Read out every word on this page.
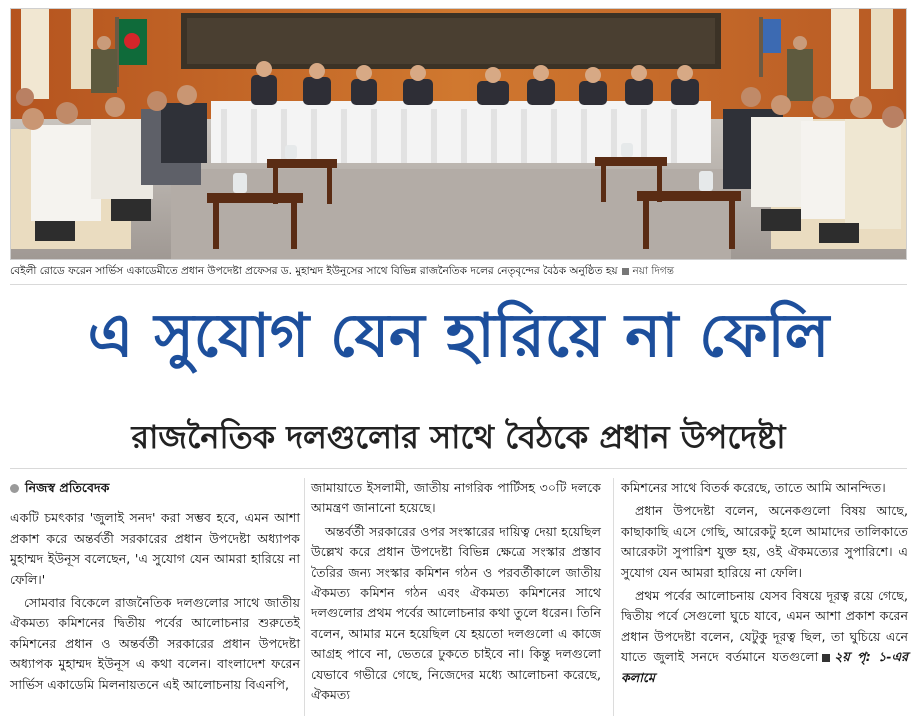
বেইলী রোডে ফরেন সার্ভিস একাডেমীতে প্রধান উপদেষ্টা প্রফেসর ড. মুহাম্মদ ইউনুসের সাথে বিভিন্ন রাজনৈতিক দলের নেতৃবৃন্দের বৈঠক অনুষ্ঠিত হয় নয়া দিগন্ত
এ সুযোগ যেন হারিয়ে না ফেলি
রাজনৈতিক দলগুলোর সাথে বৈঠকে প্রধান উপদেষ্টা
নিজস্ব প্রতিবেদক

একটি চমৎকার 'জুলাই সনদ' করা সম্ভব হবে, এমন আশা প্রকাশ করে অন্তর্বর্তী সরকারের প্রধান উপদেষ্টা অধ্যাপক মুহাম্মদ ইউনূস বলেছেন, 'এ সুযোগ যেন আমরা হারিয়ে না ফেলি।'

সোমবার বিকেলে রাজনৈতিক দলগুলোর সাথে জাতীয় ঐকমত্য কমিশনের দ্বিতীয় পর্বের আলোচনার শুরুতেই কমিশনের প্রধান ও অন্তর্বর্তী সরকারের প্রধান উপদেষ্টা অধ্যাপক মুহাম্মদ ইউনূস এ কথা বলেন। বাংলাদেশ ফরেন সার্ভিস একাডেমি মিলনায়তনে এই আলোচনায় বিএনপি,

জামায়াতে ইসলামী, জাতীয় নাগরিক পার্টিসহ ৩০টি দলকে আমন্ত্রণ জানানো হয়েছে।

অন্তর্বর্তী সরকারের ওপর সংস্কারের দায়িত্ব দেয়া হয়েছিল উল্লেখ করে প্রধান উপদেষ্টা বিভিন্ন ক্ষেত্রে সংস্কার প্রস্তাব তৈরির জন্য সংস্কার কমিশন গঠন ও পরবর্তীকালে জাতীয় ঐকমত্য কমিশন গঠন এবং ঐকমত্য কমিশনের সাথে দলগুলোর প্রথম পর্বের আলোচনার কথা তুলে ধরেন। তিনি বলেন, আমার মনে হয়েছিল যে হয়তো দলগুলো এ কাজে আগ্রহ পাবে না, ভেতরে ঢুকতে চাইবে না। কিন্তু দলগুলো যেভাবে গভীরে গেছে, নিজেদের মধ্যে আলোচনা করেছে, ঐকমত্য

কমিশনের সাথে বিতর্ক করেছে, তাতে আমি আনন্দিত।

প্রধান উপদেষ্টা বলেন, অনেকগুলো বিষয় আছে, কাছাকাছি এসে গেছি, আরেকটু হলে আমাদের তালিকাতে আরেকটা সুপারিশ যুক্ত হয়, ওই ঐকমত্যের সুপারিশে। এ সুযোগ যেন আমরা হারিয়ে না ফেলি।

প্রথম পর্বের আলোচনায় যেসব বিষয়ে দূরত্ব রয়ে গেছে, দ্বিতীয় পর্বে সেগুলো ঘুচে যাবে, এমন আশা প্রকাশ করেন প্রধান উপদেষ্টা বলেন, যেটুকু দূরত্ব ছিল, তা ঘুচিয়ে এনে যাতে জুলাই সনদে বর্তমানে যতগুলো ২য় পৃ: ১-এর কলামে
